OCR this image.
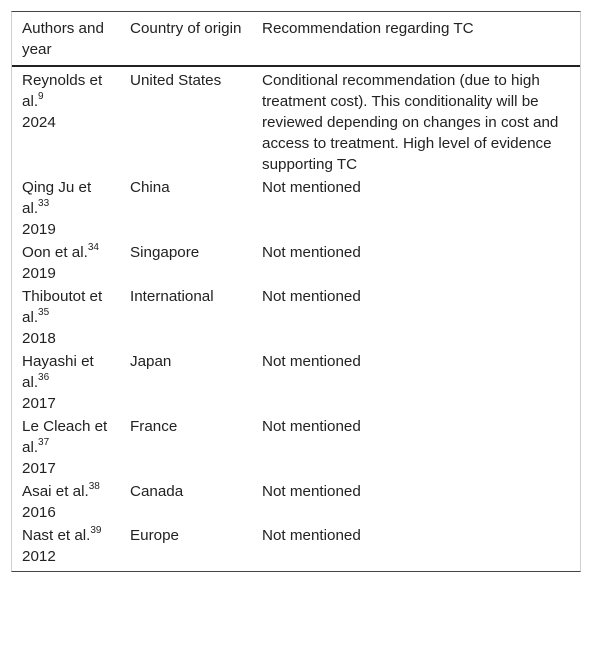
Authors and year	Country of origin	Recommendation regarding TC

Reynolds et al.$^9$
2024	United States	Conditional recommendation (due to high treatment cost). This conditionality will be reviewed depending on changes in cost and access to treatment. High level of evidence supporting TC

Qing Ju et al.$^{33}$
2019	China	Not mentioned

Oon et al.$^{34}$
2019	Singapore	Not mentioned

Thiboutot et al.$^{35}$
2018	International	Not mentioned

Hayashi et al.$^{36}$
2017	Japan	Not mentioned

Le Cleach et al.$^{37}$
2017	France	Not mentioned

Asai et al.$^{38}$
2016	Canada	Not mentioned

Nast et al.$^{39}$
2012	Europe	Not mentioned
